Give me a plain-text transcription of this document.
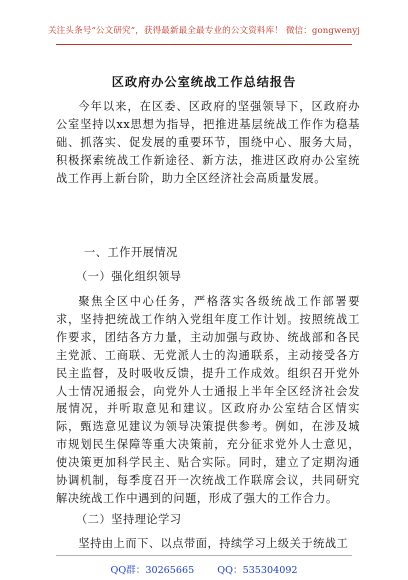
关注头条号“公文研究”，获得最新最全最专业的公文资料库！ 微信：gongwenyj
区政府办公室统战工作总结报告
今年以来，在区委、区政府的坚强领导下，区政府办公室坚持以xx思想为指导，把推进基层统战工作作为稳基础、抓落实、促发展的重要环节，围绕中心、服务大局，积极探索统战工作新途径、新方法，推进区政府办公室统战工作再上新台阶，助力全区经济社会高质量发展。
一、工作开展情况
（一）强化组织领导
聚焦全区中心任务，严格落实各级统战工作部署要求，坚持把统战工作纳入党组年度工作计划。按照统战工作要求，团结各方力量，主动加强与政协、统战部和各民主党派、工商联、无党派人士的沟通联系，主动接受各方民主监督，及时吸收反馈，提升工作成效。组织召开党外人士情况通报会，向党外人士通报上半年全区经济社会发展情况，并听取意见和建议。区政府办公室结合区情实际，甄选意见建议为领导决策提供参考。例如，在涉及城市规划民生保障等重大决策前，充分征求党外人士意见，使决策更加科学民主、贴合实际。同时，建立了定期沟通协调机制，每季度召开一次统战工作联席会议，共同研究解决统战工作中遇到的问题，形成了强大的工作合力。
（二）坚持理论学习
坚持由上而下、以点带面，持续学习上级关于统战工
QQ群：30265665 QQ：535304092
